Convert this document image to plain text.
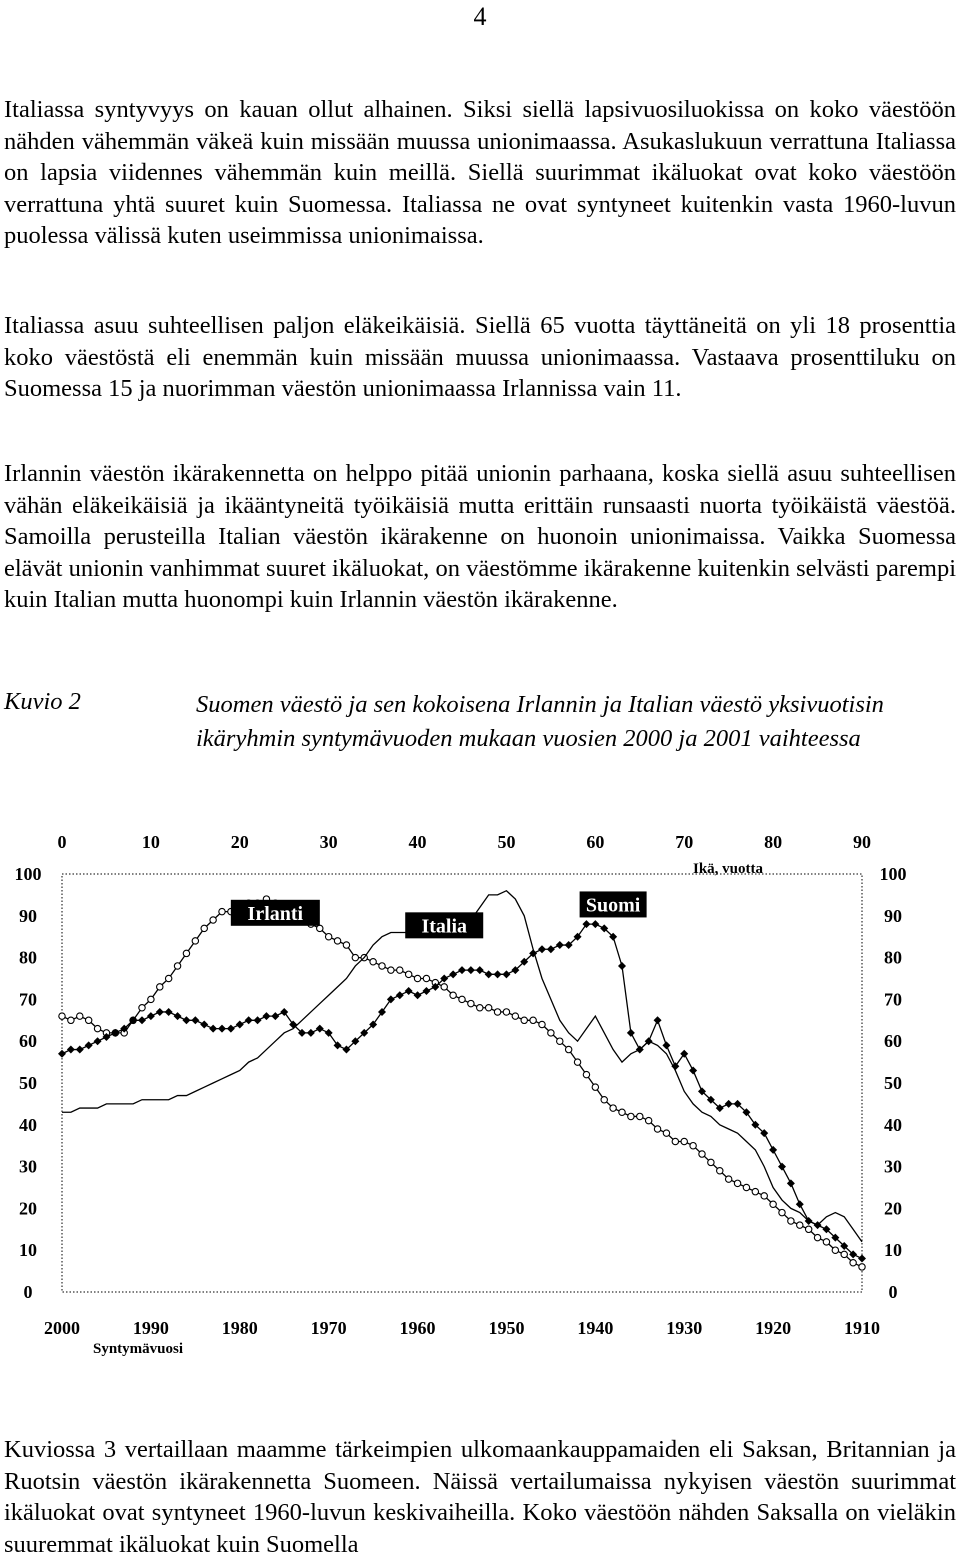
4

Italiassa syntyvyys on kauan ollut alhainen. Siksi siellä lapsivuosiluokissa on koko väestöön nähden vähemmän väkeä kuin missään muussa unionimaassa. Asukaslukuun verrattuna Italiassa on lapsia viidennes vähemmän kuin meillä. Siellä suurimmat ikäluokat ovat koko väestöön verrattuna yhtä suuret kuin Suomessa. Italiassa ne ovat syntyneet kuitenkin vasta 1960-luvun puolessa välissä kuten useimmissa unionimaissa.

Italiassa asuu suhteellisen paljon eläkeikäisiä. Siellä 65 vuotta täyttäneitä on yli 18 prosenttia koko väestöstä eli enemmän kuin missään muussa unionimaassa. Vastaava prosenttiluku on Suomessa 15 ja nuorimman väestön unionimaassa Irlannissa vain 11.

Irlannin väestön ikärakennetta on helppo pitää unionin parhaana, koska siellä asuu suhteellisen vähän eläkeikäisiä ja ikääntyneitä työikäisiä mutta erittäin runsaasti nuorta työikäistä väestöä. Samoilla perusteilla Italian väestön ikärakenne on huonoin unionimaissa. Vaikka Suomessa elävät unionin vanhimmat suuret ikäluokat, on väestömme ikärakenne kuitenkin selvästi parempi kuin Italian mutta huonompi kuin Irlannin väestön ikärakenne.

Kuvio 2	Suomen väestö ja sen kokoisena Irlannin ja Italian väestö yksivuotisin ikäryhmin syntymävuoden mukaan vuosien 2000 ja 2001 vaihteessa

0	10	20	30	40	50	60	70	80	90
2000	1990	1980	1970	1960	1950	1940	1930	1920	1910
0	0
10	10
20	20
30	30
40	40
50	50
60	60
70	70
80	80
90	90
100	100
Ikä, vuotta
Syntymävuosi
Irlanti
Italia
Suomi

Kuviossa 3 vertaillaan maamme tärkeimpien ulkomaankauppamaiden eli Saksan, Britannian ja Ruotsin väestön ikärakennetta Suomeen. Näissä vertailumaissa nykyisen väestön suurimmat ikäluokat ovat syntyneet 1960-luvun keskivaiheilla. Koko väestöön nähden Saksalla on vieläkin suuremmat ikäluokat kuin Suomella
